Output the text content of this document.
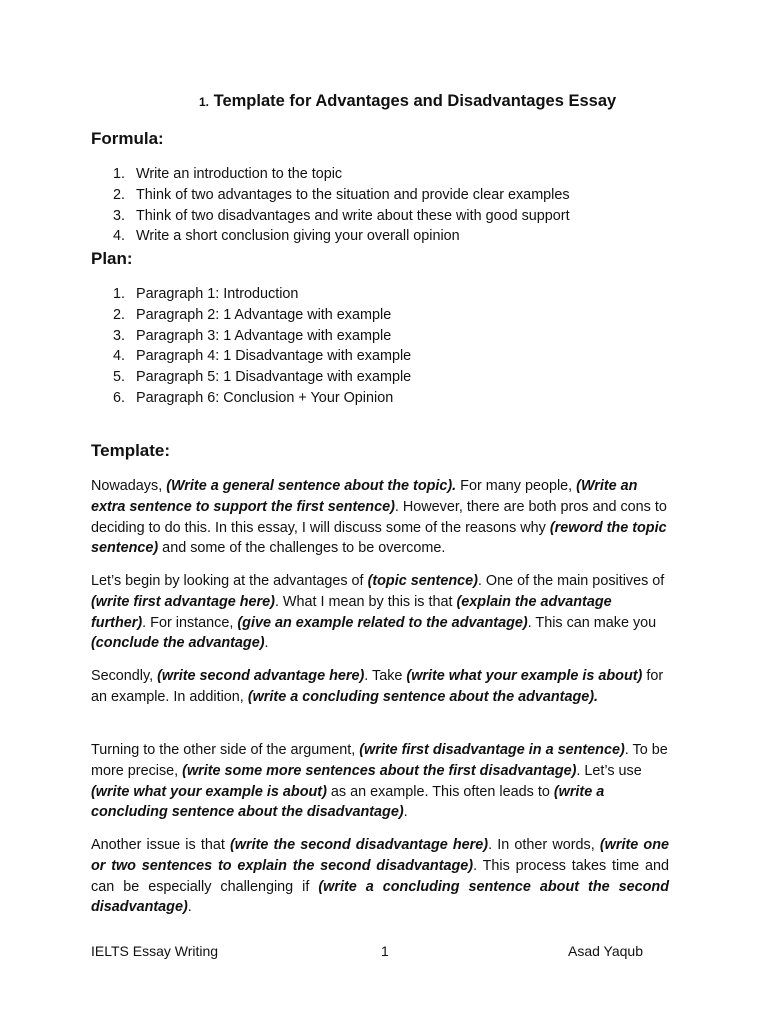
1. Template for Advantages and Disadvantages Essay
Formula:
1. Write an introduction to the topic
2. Think of two advantages to the situation and provide clear examples
3. Think of two disadvantages and write about these with good support
4. Write a short conclusion giving your overall opinion
Plan:
1. Paragraph 1: Introduction
2. Paragraph 2: 1 Advantage with example
3. Paragraph 3: 1 Advantage with example
4. Paragraph 4: 1 Disadvantage with example
5. Paragraph 5: 1 Disadvantage with example
6. Paragraph 6: Conclusion + Your Opinion
Template:

Nowadays, (Write a general sentence about the topic). For many people, (Write an extra sentence to support the first sentence). However, there are both pros and cons to deciding to do this. In this essay, I will discuss some of the reasons why (reword the topic sentence) and some of the challenges to be overcome.

Let’s begin by looking at the advantages of (topic sentence). One of the main positives of (write first advantage here). What I mean by this is that (explain the advantage further). For instance, (give an example related to the advantage). This can make you (conclude the advantage).

Secondly, (write second advantage here). Take (write what your example is about) for an example. In addition, (write a concluding sentence about the advantage).

Turning to the other side of the argument, (write first disadvantage in a sentence). To be more precise, (write some more sentences about the first disadvantage). Let’s use (write what your example is about) as an example. This often leads to (write a concluding sentence about the disadvantage).

Another issue is that (write the second disadvantage here). In other words, (write one or two sentences to explain the second disadvantage). This process takes time and can be especially challenging if (write a concluding sentence about the second disadvantage).

IELTS Essay Writing	1	Asad Yaqub
